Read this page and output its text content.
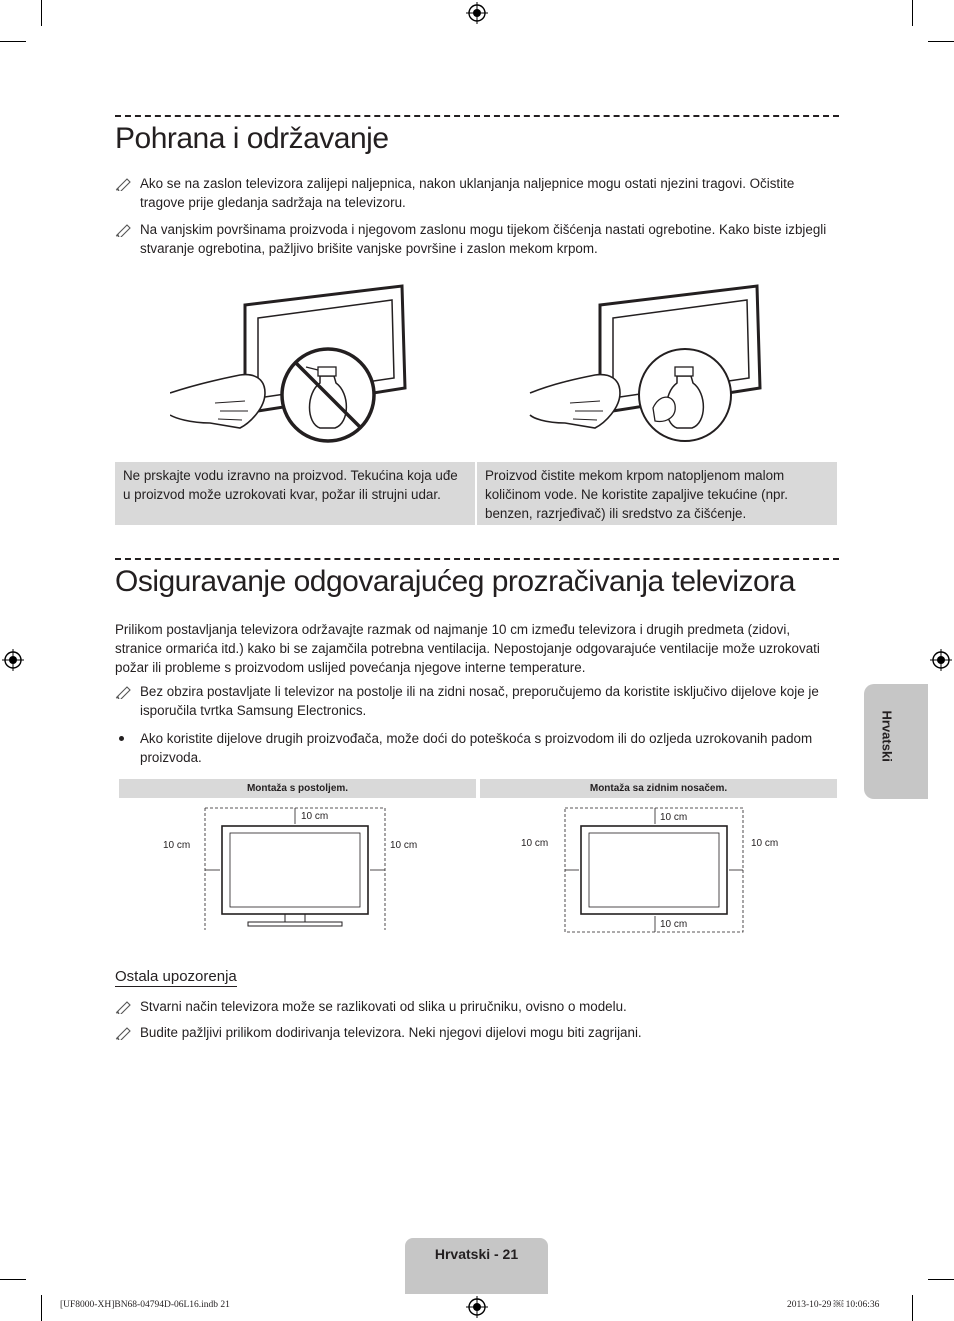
Pohrana i održavanje
Ako se na zaslon televizora zalijepi naljepnica, nakon uklanjanja naljepnice mogu ostati njezini tragovi. Očistite tragove prije gledanja sadržaja na televizoru.
Na vanjskim površinama proizvoda i njegovom zaslonu mogu tijekom čišćenja nastati ogrebotine. Kako biste izbjegli stvaranje ogrebotina, pažljivo brišite vanjske površine i zaslon mekom krpom.
Ne prskajte vodu izravno na proizvod. Tekućina koja uđe u proizvod može uzrokovati kvar, požar ili strujni udar.
Proizvod čistite mekom krpom natopljenom malom količinom vode. Ne koristite zapaljive tekućine (npr. benzen, razrjeđivač) ili sredstvo za čišćenje.
Osiguravanje odgovarajućeg prozračivanja televizora
Prilikom postavljanja televizora održavajte razmak od najmanje 10 cm između televizora i drugih predmeta (zidovi, stranice ormarića itd.) kako bi se zajamčila potrebna ventilacija. Nepostojanje odgovarajuće ventilacije može uzrokovati požar ili probleme s proizvodom uslijed povećanja njegove interne temperature.
Bez obzira postavljate li televizor na postolje ili na zidni nosač, preporučujemo da koristite isključivo dijelove koje je isporučila tvrtka Samsung Electronics.
Ako koristite dijelove drugih proizvođača, može doći do poteškoća s proizvodom ili do ozljeda uzrokovanih padom proizvoda.
Montaža s postoljem.	Montaža sa zidnim nosačem.
10 cm
10 cm	10 cm
10 cm
10 cm	10 cm
10 cm
Ostala upozorenja
Stvarni način televizora može se razlikovati od slika u priručniku, ovisno o modelu.
Budite pažljivi prilikom dodirivanja televizora. Neki njegovi dijelovi mogu biti zagrijani.
Hrvatski
Hrvatski - 21
[UF8000-XH]BN68-04794D-06L16.indb 21	2013-10-29 ￼ 10:06:36
